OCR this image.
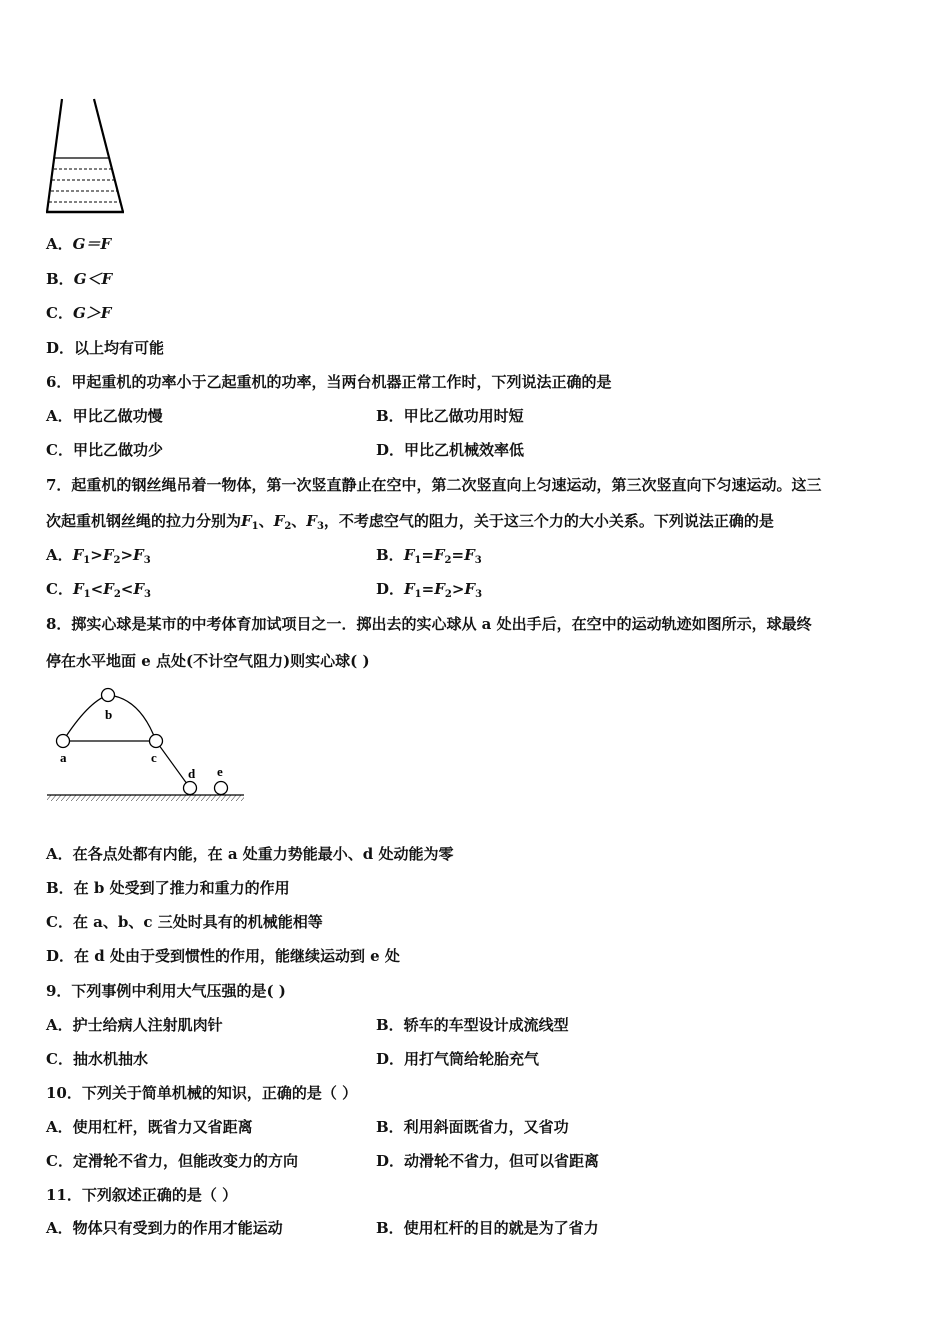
A．G＝F
B．G＜F
C．G＞F
D．以上均有可能
6．甲起重机的功率小于乙起重机的功率，当两台机器正常工作时，下列说法正确的是
A．甲比乙做功慢	B．甲比乙做功用时短
C．甲比乙做功少	D．甲比乙机械效率低
7．起重机的钢丝绳吊着一物体，第一次竖直静止在空中，第二次竖直向上匀速运动，第三次竖直向下匀速运动。这三
次起重机钢丝绳的拉力分别为$F_1$、$F_2$、$F_3$，不考虑空气的阻力，关于这三个力的大小关系。下列说法正确的是
A．$F_1>F_2>F_3$	B．$F_1=F_2=F_3$
C．$F_1<F_2<F_3$	D．$F_1=F_2>F_3$
8．掷实心球是某市的中考体育加试项目之一．掷出去的实心球从 a 处出手后，在空中的运动轨迹如图所示，球最终
停在水平地面 e 点处(不计空气阻力)则实心球( )
a
b
c
d e
A．在各点处都有内能，在 a 处重力势能最小、d 处动能为零
B．在 b 处受到了推力和重力的作用
C．在 a、b、c 三处时具有的机械能相等
D．在 d 处由于受到惯性的作用，能继续运动到 e 处
9．下列事例中利用大气压强的是( )
A．护士给病人注射肌肉针	B．轿车的车型设计成流线型
C．抽水机抽水	D．用打气筒给轮胎充气
10．下列关于简单机械的知识，正确的是（ ）
A．使用杠杆，既省力又省距离	B．利用斜面既省力，又省功
C．定滑轮不省力，但能改变力的方向	D．动滑轮不省力，但可以省距离
11．下列叙述正确的是（ ）
A．物体只有受到力的作用才能运动	B．使用杠杆的目的就是为了省力
